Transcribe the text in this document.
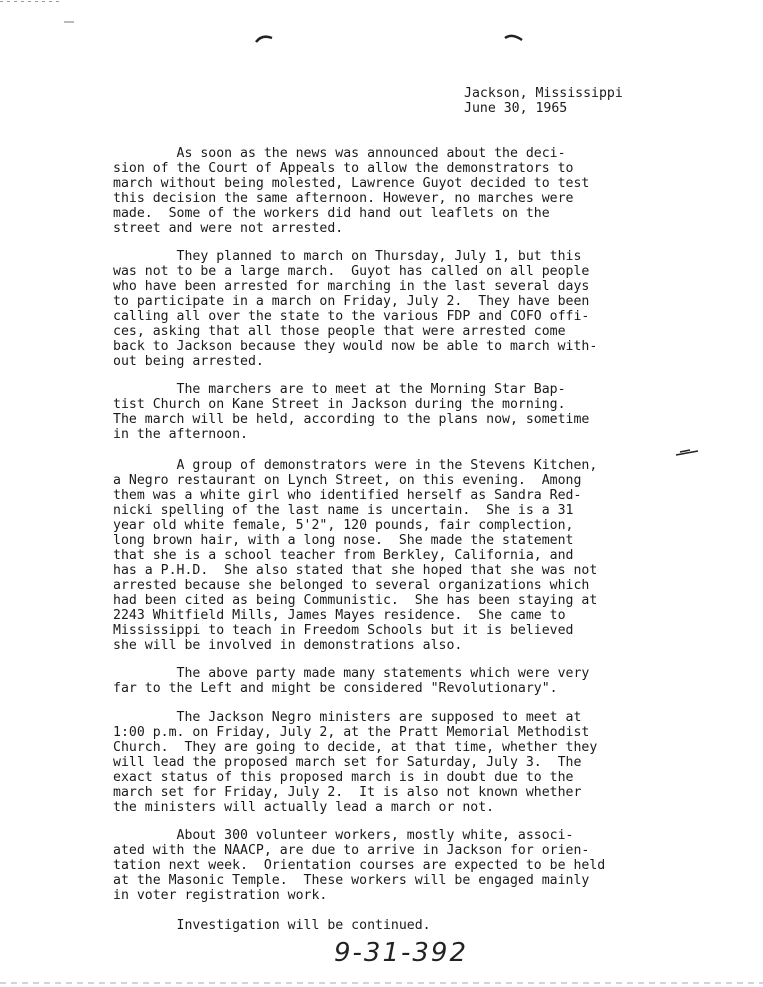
Jackson, Mississippi
June 30, 1965
As soon as the news was announced about the deci-
sion of the Court of Appeals to allow the demonstrators to
march without being molested, Lawrence Guyot decided to test
this decision the same afternoon. However, no marches were
made.  Some of the workers did hand out leaflets on the
street and were not arrested.
They planned to march on Thursday, July 1, but this
was not to be a large march.  Guyot has called on all people
who have been arrested for marching in the last several days
to participate in a march on Friday, July 2.  They have been
calling all over the state to the various FDP and COFO offi-
ces, asking that all those people that were arrested come
back to Jackson because they would now be able to march with-
out being arrested.
The marchers are to meet at the Morning Star Bap-
tist Church on Kane Street in Jackson during the morning.
The march will be held, according to the plans now, sometime
in the afternoon.
A group of demonstrators were in the Stevens Kitchen,
a Negro restaurant on Lynch Street, on this evening.  Among
them was a white girl who identified herself as Sandra Red-
nicki spelling of the last name is uncertain.  She is a 31
year old white female, 5'2", 120 pounds, fair complection,
long brown hair, with a long nose.  She made the statement
that she is a school teacher from Berkley, California, and
has a P.H.D.  She also stated that she hoped that she was not
arrested because she belonged to several organizations which
had been cited as being Communistic.  She has been staying at
2243 Whitfield Mills, James Mayes residence.  She came to
Mississippi to teach in Freedom Schools but it is believed
she will be involved in demonstrations also.
The above party made many statements which were very
far to the Left and might be considered "Revolutionary".
The Jackson Negro ministers are supposed to meet at
1:00 p.m. on Friday, July 2, at the Pratt Memorial Methodist
Church.  They are going to decide, at that time, whether they
will lead the proposed march set for Saturday, July 3.  The
exact status of this proposed march is in doubt due to the
march set for Friday, July 2.  It is also not known whether
the ministers will actually lead a march or not.
About 300 volunteer workers, mostly white, associ-
ated with the NAACP, are due to arrive in Jackson for orien-
tation next week.  Orientation courses are expected to be held
at the Masonic Temple.  These workers will be engaged mainly
in voter registration work.
Investigation will be continued.
9-31-392
